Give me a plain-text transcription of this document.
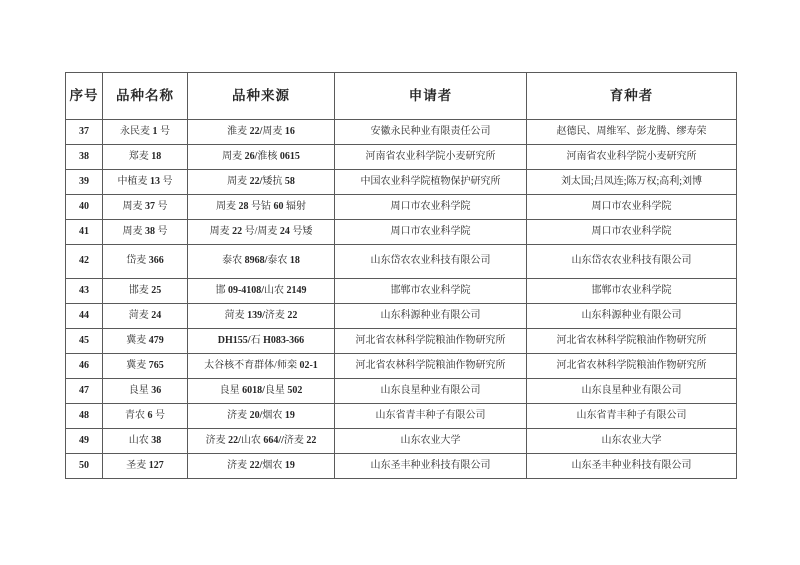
序号	品种名称	品种来源	申请者	育种者
37	永民麦 1 号	淮麦 22/周麦 16	安徽永民种业有限责任公司	赵德民、周维军、彭龙腾、缪寿荣
38	郑麦 18	周麦 26/淮核 0615	河南省农业科学院小麦研究所	河南省农业科学院小麦研究所
39	中植麦 13 号	周麦 22/矮抗 58	中国农业科学院植物保护研究所	刘太国;吕凤连;陈万权;高利;刘博
40	周麦 37 号	周麦 28 号钴 60 辐射	周口市农业科学院	周口市农业科学院
41	周麦 38 号	周麦 22 号/周麦 24 号矮	周口市农业科学院	周口市农业科学院
42	岱麦 366	泰农 8968/泰农 18	山东岱农农业科技有限公司	山东岱农农业科技有限公司
43	邯麦 25	邯 09-4108/山农 2149	邯郸市农业科学院	邯郸市农业科学院
44	菏麦 24	菏麦 139/济麦 22	山东科源种业有限公司	山东科源种业有限公司
45	冀麦 479	DH155/石 H083-366	河北省农林科学院粮油作物研究所	河北省农林科学院粮油作物研究所
46	冀麦 765	太谷核不育群体/师栾 02-1	河北省农林科学院粮油作物研究所	河北省农林科学院粮油作物研究所
47	良星 36	良星 6018/良星 502	山东良星种业有限公司	山东良星种业有限公司
48	青农 6 号	济麦 20/烟农 19	山东省青丰种子有限公司	山东省青丰种子有限公司
49	山农 38	济麦 22/山农 664//济麦 22	山东农业大学	山东农业大学
50	圣麦 127	济麦 22/烟农 19	山东圣丰种业科技有限公司	山东圣丰种业科技有限公司
